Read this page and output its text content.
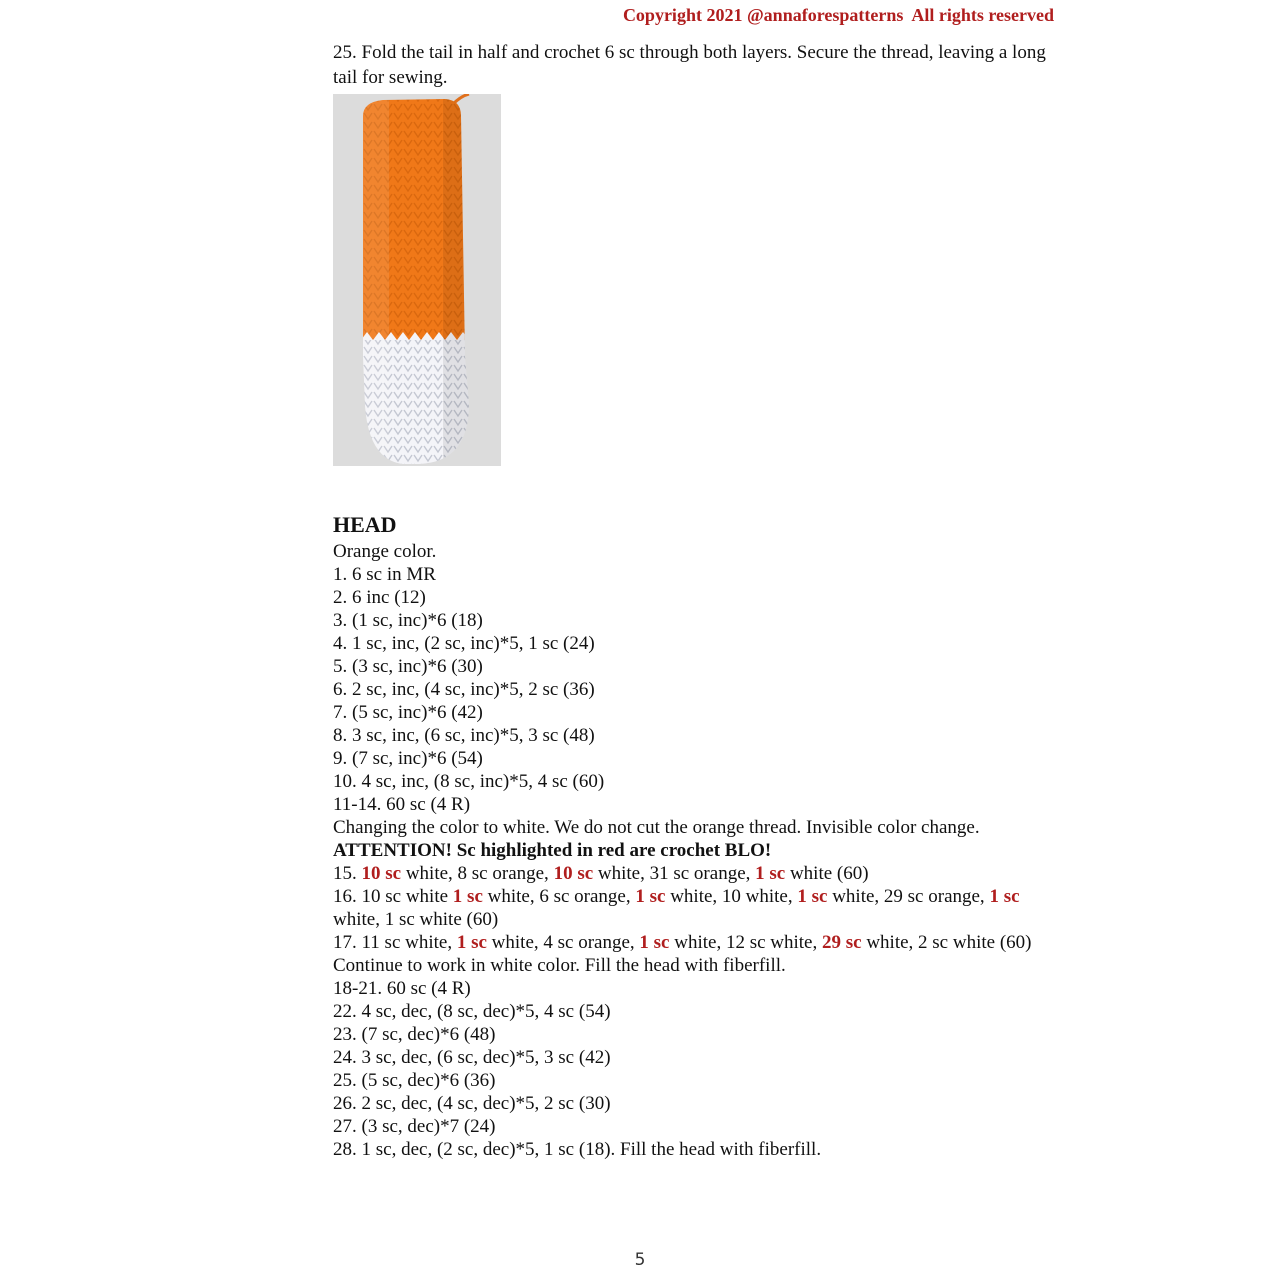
Copyright 2021 @annaforespatterns  All rights reserved

25. Fold the tail in half and crochet 6 sc through both layers. Secure the thread, leaving a long tail for sewing.

HEAD

Orange color.

1. 6 sc in MR

2. 6 inc (12)

3. (1 sc, inc)*6 (18)

4. 1 sc, inc, (2 sc, inc)*5, 1 sc (24)

5. (3 sc, inc)*6 (30)

6. 2 sc, inc, (4 sc, inc)*5, 2 sc (36)

7. (5 sc, inc)*6 (42)

8. 3 sc, inc, (6 sc, inc)*5, 3 sc (48)

9. (7 sc, inc)*6 (54)

10. 4 sc, inc, (8 sc, inc)*5, 4 sc (60)

11-14. 60 sc (4 R)

Changing the color to white. We do not cut the orange thread. Invisible color change.

ATTENTION! Sc highlighted in red are crochet BLO!

15. 10 sc white, 8 sc orange, 10 sc white, 31 sc orange, 1 sc white (60)

16. 10 sc white 1 sc white, 6 sc orange, 1 sc white, 10 white, 1 sc white, 29 sc orange, 1 sc white, 1 sc white (60)

17. 11 sc white, 1 sc white, 4 sc orange, 1 sc white, 12 sc white, 29 sc white, 2 sc white (60)

Continue to work in white color. Fill the head with fiberfill.

18-21. 60 sc (4 R)

22. 4 sc, dec, (8 sc, dec)*5, 4 sc (54)

23. (7 sc, dec)*6 (48)

24. 3 sc, dec, (6 sc, dec)*5, 3 sc (42)

25. (5 sc, dec)*6 (36)

26. 2 sc, dec, (4 sc, dec)*5, 2 sc (30)

27. (3 sc, dec)*7 (24)

28. 1 sc, dec, (2 sc, dec)*5, 1 sc (18). Fill the head with fiberfill.

5
